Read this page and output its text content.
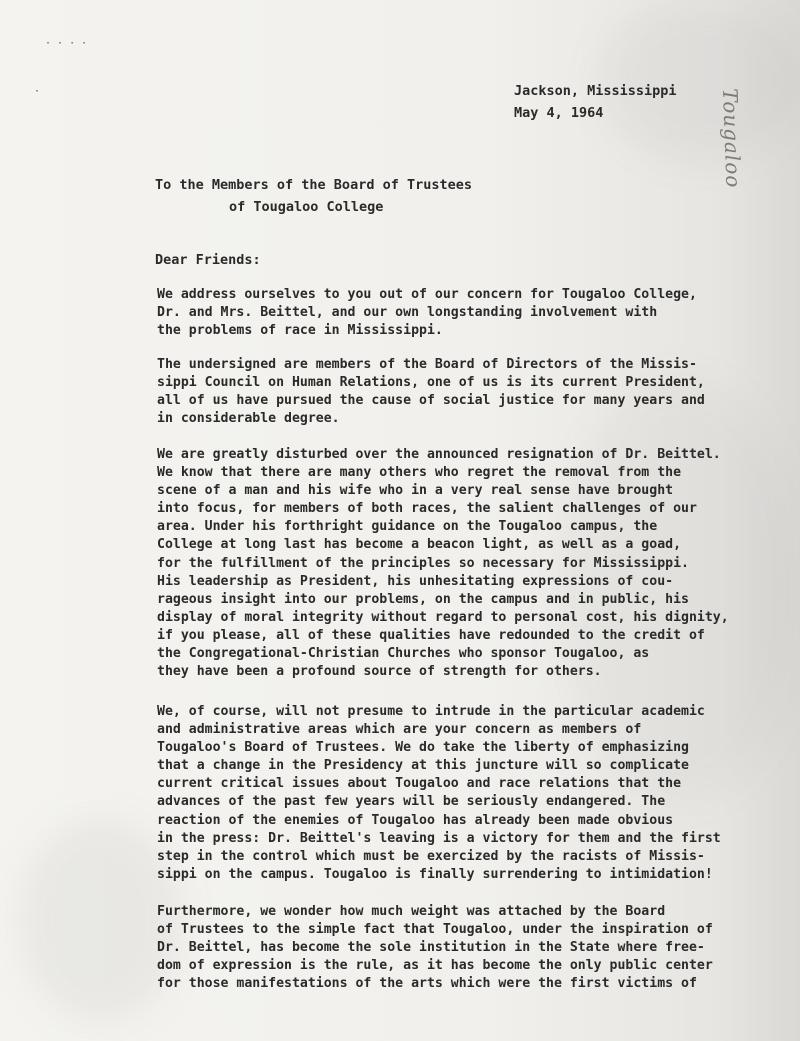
· · · ·
·	Jackson, Mississippi
May 4, 1964	Tougaloo
To the Members of the Board of Trustees
of Tougaloo College
Dear Friends:
We address ourselves to you out of our concern for Tougaloo College,
Dr. and Mrs. Beittel, and our own longstanding involvement with
the problems of race in Mississippi.
The undersigned are members of the Board of Directors of the Missis-
sippi Council on Human Relations, one of us is its current President,
all of us have pursued the cause of social justice for many years and
in considerable degree.
We are greatly disturbed over the announced resignation of Dr. Beittel.
We know that there are many others who regret the removal from the
scene of a man and his wife who in a very real sense have brought
into focus, for members of both races, the salient challenges of our
area. Under his forthright guidance on the Tougaloo campus, the
College at long last has become a beacon light, as well as a goad,
for the fulfillment of the principles so necessary for Mississippi.
His leadership as President, his unhesitating expressions of cou-
rageous insight into our problems, on the campus and in public, his
display of moral integrity without regard to personal cost, his dignity,
if you please, all of these qualities have redounded to the credit of
the Congregational-Christian Churches who sponsor Tougaloo, as
they have been a profound source of strength for others.
We, of course, will not presume to intrude in the particular academic
and administrative areas which are your concern as members of
Tougaloo's Board of Trustees. We do take the liberty of emphasizing
that a change in the Presidency at this juncture will so complicate
current critical issues about Tougaloo and race relations that the
advances of the past few years will be seriously endangered. The
reaction of the enemies of Tougaloo has already been made obvious
in the press: Dr. Beittel's leaving is a victory for them and the first
step in the control which must be exercized by the racists of Missis-
sippi on the campus. Tougaloo is finally surrendering to intimidation!
Furthermore, we wonder how much weight was attached by the Board
of Trustees to the simple fact that Tougaloo, under the inspiration of
Dr. Beittel, has become the sole institution in the State where free-
dom of expression is the rule, as it has become the only public center
for those manifestations of the arts which were the first victims of
